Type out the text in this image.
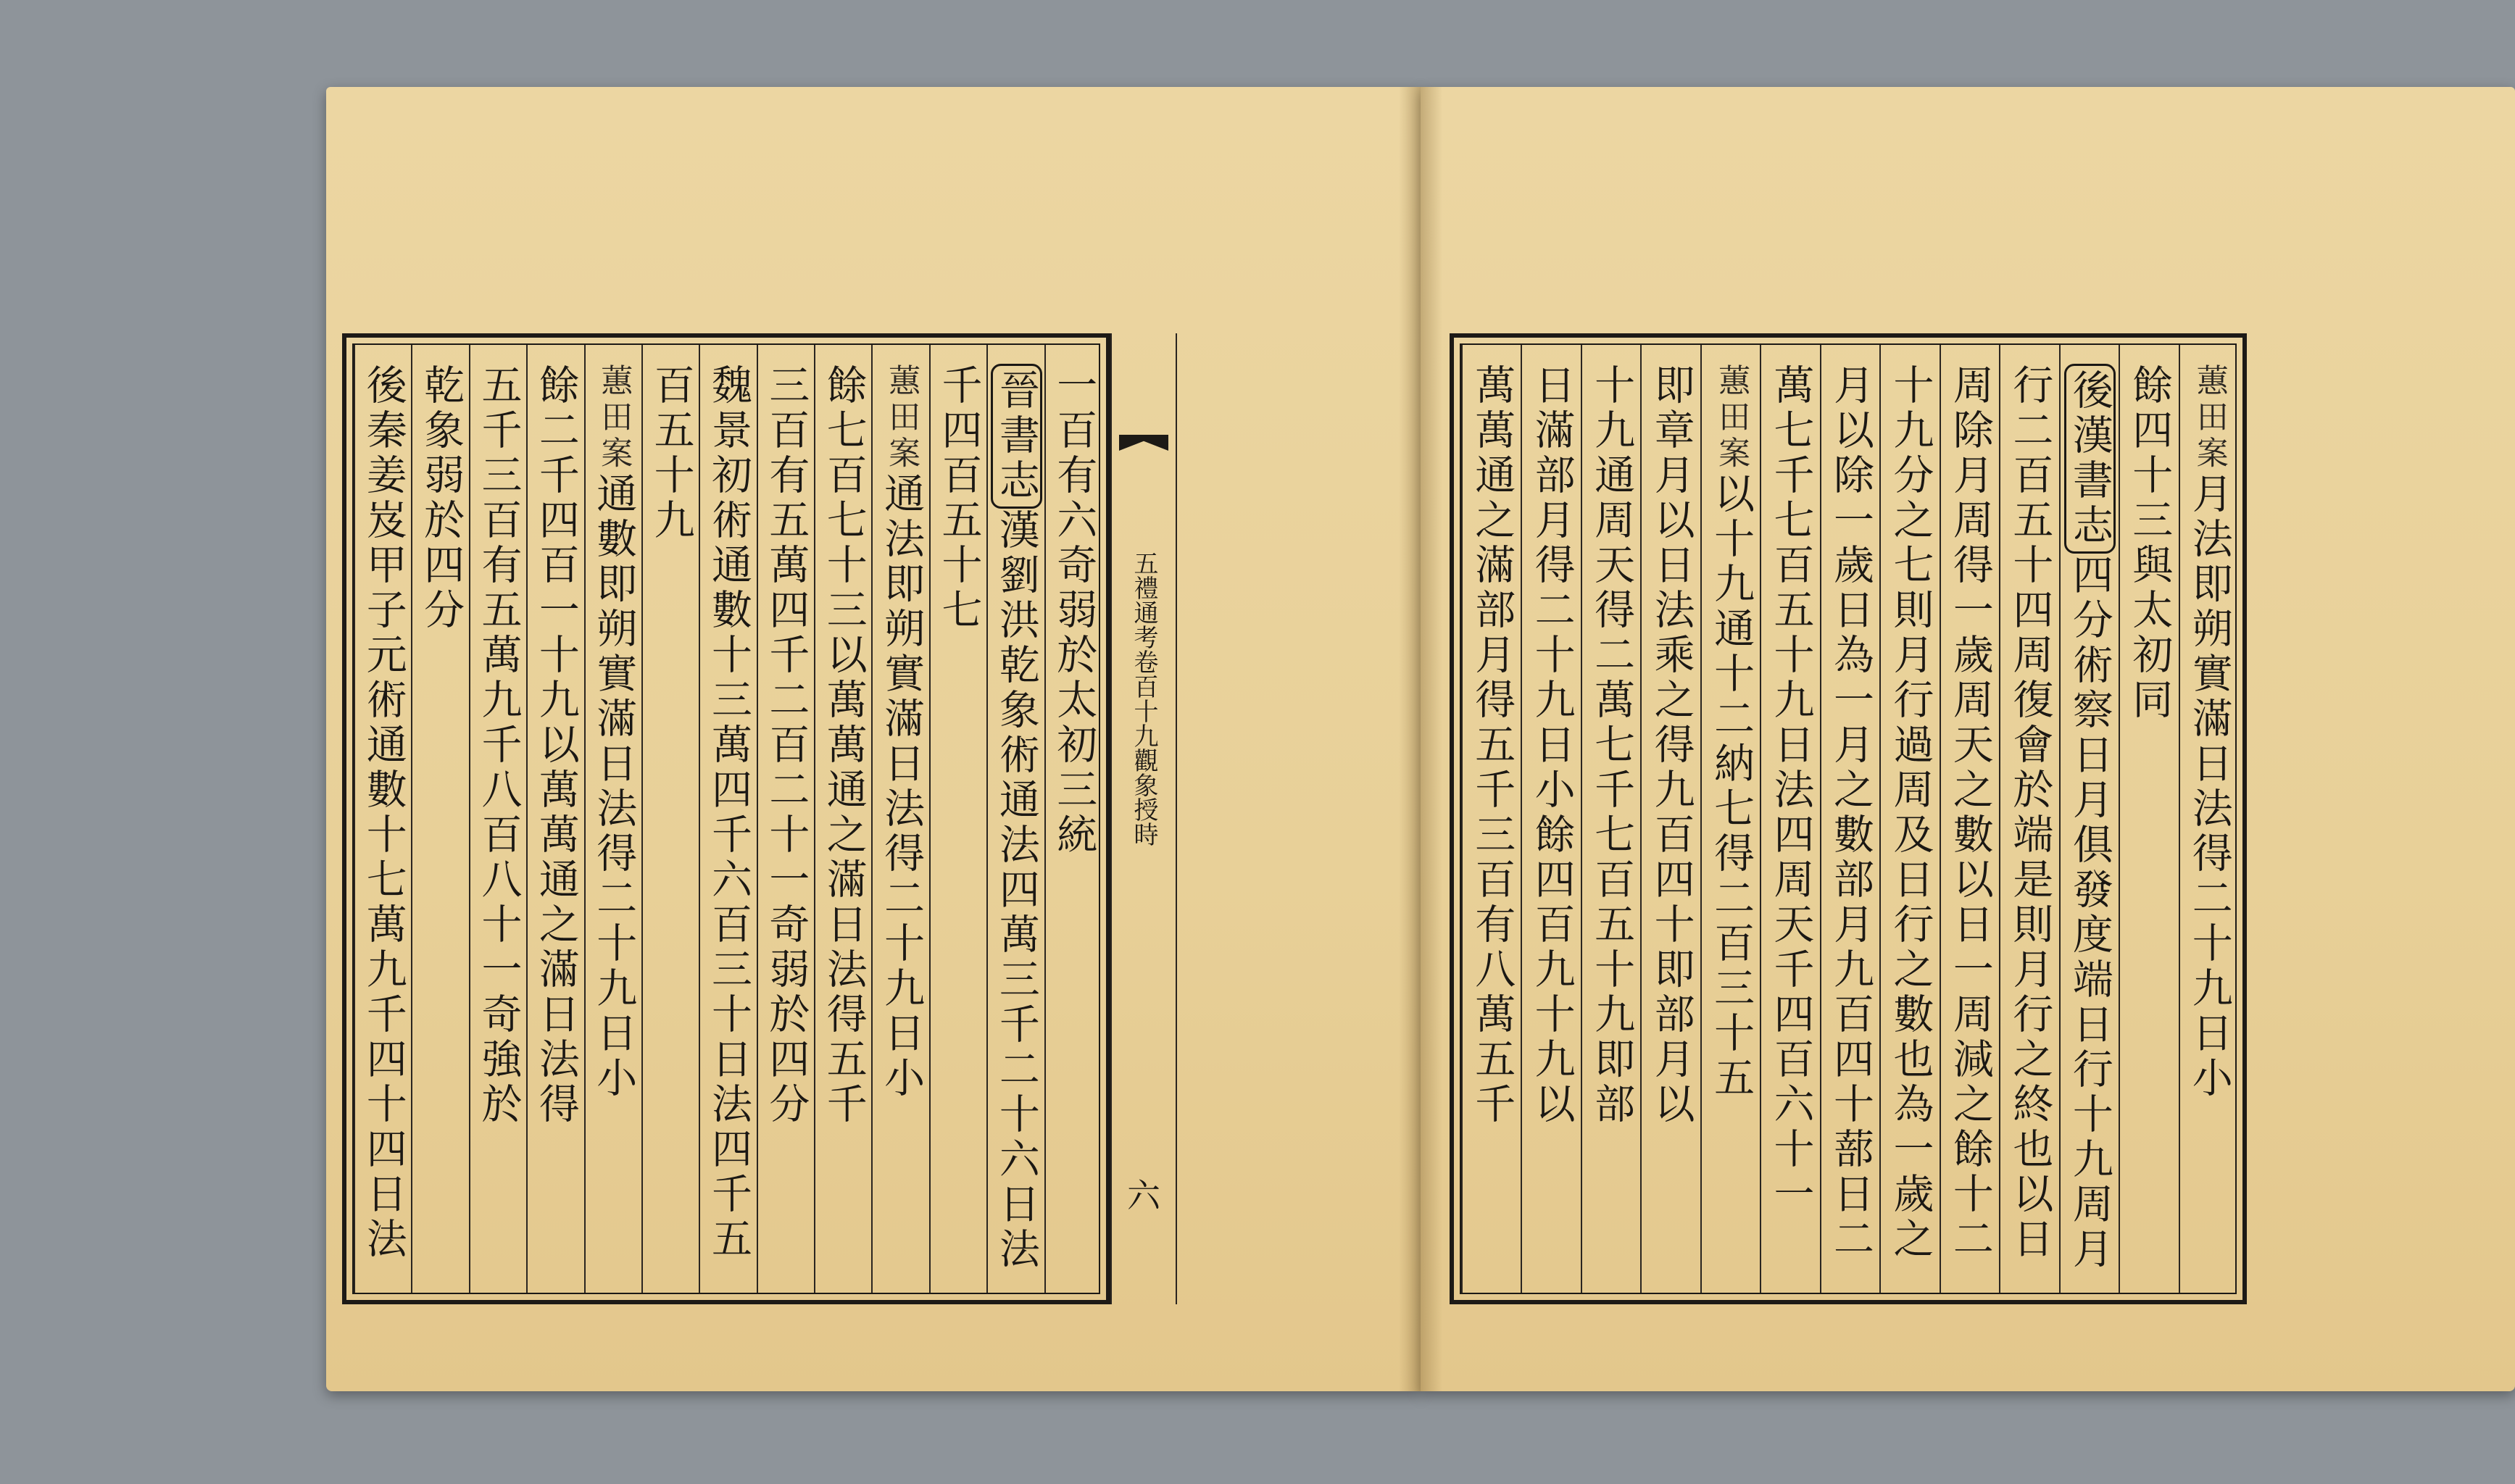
一百有六奇弱於太初三統
晉書志漢劉洪乾象術通法四萬三千二十六日法
千四百五十七
蕙田案通法即朔實滿日法得二十九日小
餘七百七十三以萬萬通之滿日法得五千
三百有五萬四千二百二十一奇弱於四分
魏景初術通數十三萬四千六百三十日法四千五
百五十九
蕙田案通數即朔實滿日法得二十九日小
餘二千四百一十九以萬萬通之滿日法得
五千三百有五萬九千八百八十一奇強於
乾象弱於四分
後秦姜岌甲子元術通數十七萬九千四十四日法	五禮通考卷百十九觀象授時
六
蕙田案月法即朔實滿日法得二十九日小
餘四十三與太初同
後漢書志四分術察日月俱發度端日行十九周月
行二百五十四周復會於端是則月行之終也以日
周除月周得一歲周天之數以日一周減之餘十二
十九分之七則月行過周及日行之數也為一歲之
月以除一歲日為一月之數部月九百四十蔀日二
萬七千七百五十九日法四周天千四百六十一
蕙田案以十九通十二納七得二百三十五
即章月以日法乘之得九百四十即部月以
十九通周天得二萬七千七百五十九即部
日滿部月得二十九日小餘四百九十九以
萬萬通之滿部月得五千三百有八萬五千
